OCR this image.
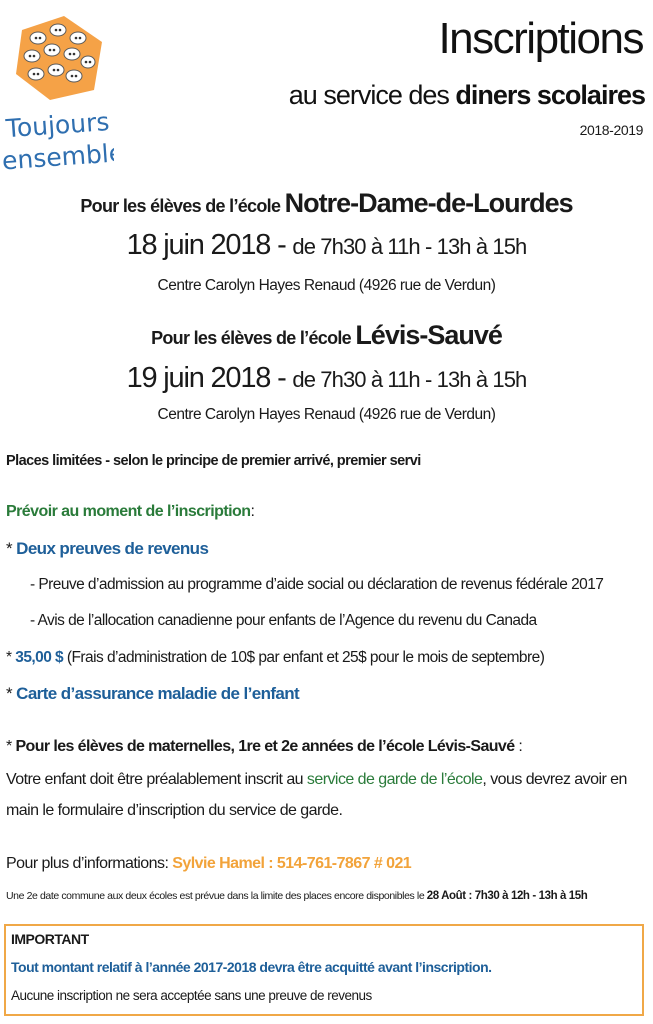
Toujours
ensemble
Inscriptions
au service des diners scolaires
2018-2019
Pour les élèves de l’école Notre-Dame-de-Lourdes
18 juin 2018 - de 7h30 à 11h - 13h à 15h
Centre Carolyn Hayes Renaud (4926 rue de Verdun)
Pour les élèves de l’école Lévis-Sauvé
19 juin 2018 - de 7h30 à 11h - 13h à 15h
Centre Carolyn Hayes Renaud (4926 rue de Verdun)
Places limitées - selon le principe de premier arrivé, premier servi
Prévoir au moment de l’inscription:
* Deux preuves de revenus
- Preuve d’admission au programme d’aide social ou déclaration de revenus fédérale 2017
- Avis de l’allocation canadienne pour enfants de l’Agence du revenu du Canada
* 35,00 $ (Frais d’administration de 10$ par enfant et 25$ pour le mois de septembre)
* Carte d’assurance maladie de l’enfant
* Pour les élèves de maternelles, 1re et 2e années de l’école Lévis-Sauvé :
Votre enfant doit être préalablement inscrit au service de garde de l’école, vous devrez avoir en
main le formulaire d’inscription du service de garde.
Pour plus d’informations: Sylvie Hamel : 514-761-7867 # 021
Une 2e date commune aux deux écoles est prévue dans la limite des places encore disponibles le 28 Août : 7h30 à 12h - 13h à 15h
IMPORTANT
Tout montant relatif à l’année 2017-2018 devra être acquitté avant l’inscription.
Aucune inscription ne sera acceptée sans une preuve de revenus
